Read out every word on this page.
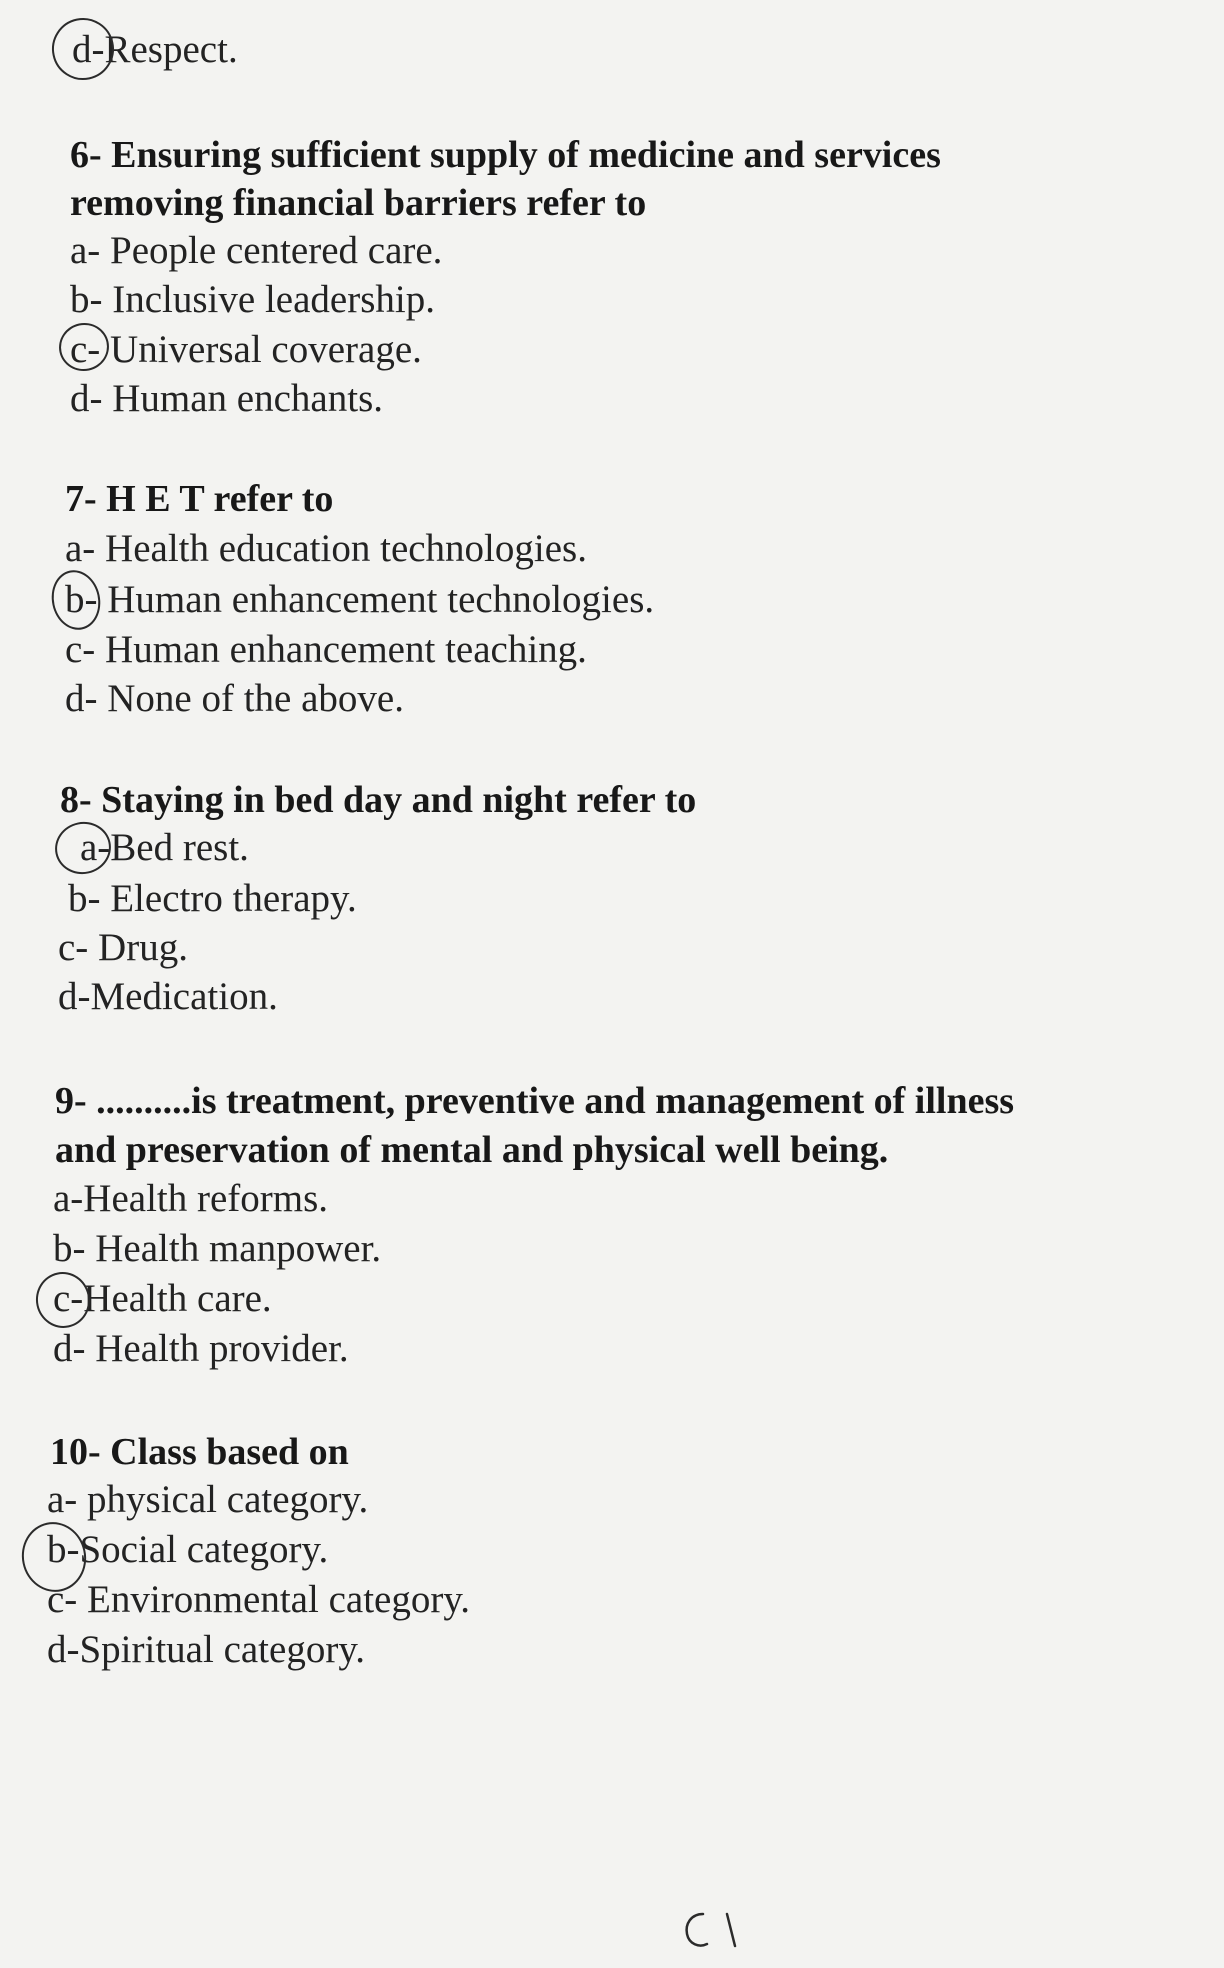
d-Respect.
6- Ensuring sufficient supply of medicine and services
removing financial barriers refer to
a- People centered care.
b- Inclusive leadership.
c- Universal coverage.
d- Human enchants.
7- H E T refer to
a- Health education technologies.
b- Human enhancement technologies.
c- Human enhancement teaching.
d- None of the above.
8- Staying in bed day and night refer to
a-Bed rest.
b- Electro therapy.
c- Drug.
d-Medication.
9- ..........is treatment, preventive and management of illness
and preservation of mental and physical well being.
a-Health reforms.
b- Health manpower.
c-Health care.
d- Health provider.
10- Class based on
a- physical category.
b-Social category.
c- Environmental category.
d-Spiritual category.
